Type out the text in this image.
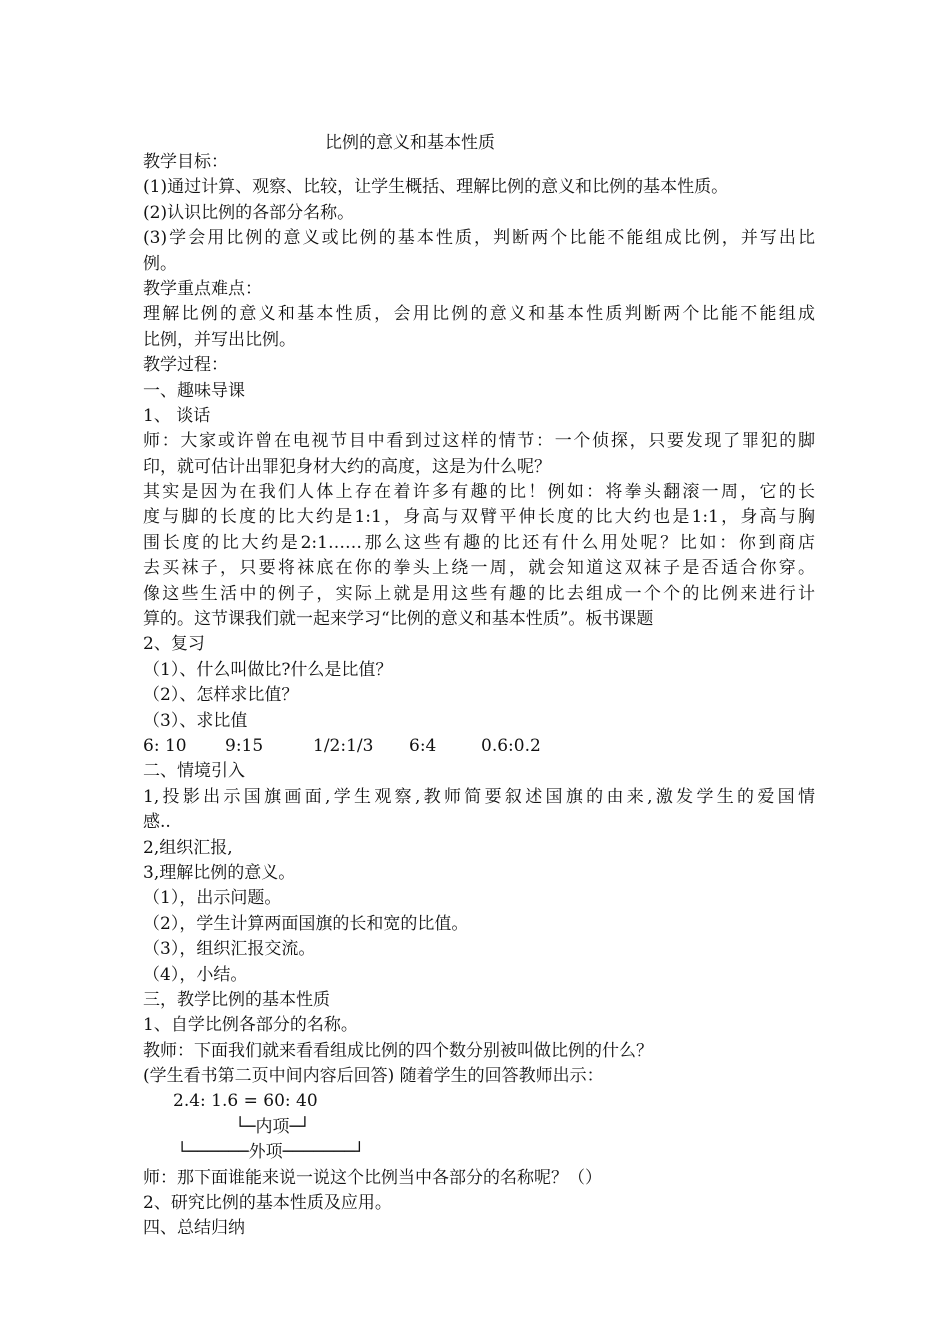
比例的意义和基本性质
教学目标：
(1)通过计算、观察、比较，让学生概括、理解比例的意义和比例的基本性质。
(2)认识比例的各部分名称。
(3)学会用比例的意义或比例的基本性质，判断两个比能不能组成比例，并写出比
例。
教学重点难点：
理解比例的意义和基本性质，会用比例的意义和基本性质判断两个比能不能组成
比例，并写出比例。
教学过程：
一、趣味导课
1、 谈话
师：大家或许曾在电视节目中看到过这样的情节：一个侦探，只要发现了罪犯的脚
印，就可估计出罪犯身材大约的高度，这是为什么呢？
其实是因为在我们人体上存在着许多有趣的比！例如：将拳头翻滚一周，它的长
度与脚的长度的比大约是1:1，身高与双臂平伸长度的比大约也是1:1，身高与胸
围长度的比大约是2:1……那么这些有趣的比还有什么用处呢？比如：你到商店
去买袜子，只要将袜底在你的拳头上绕一周，就会知道这双袜子是否适合你穿。
像这些生活中的例子，实际上就是用这些有趣的比去组成一个个的比例来进行计
算的。这节课我们就一起来学习“比例的意义和基本性质”。板书课题
2、复习
（1）、什么叫做比?什么是比值？
（2）、怎样求比值？
（3）、求比值
6: 10	9:15	1/2:1/3	6:4	0.6:0.2
二、情境引入
1,投影出示国旗画面,学生观察,教师简要叙述国旗的由来,激发学生的爱国情
感..
2,组织汇报,
3,理解比例的意义。
（1），出示问题。
（2），学生计算两面国旗的长和宽的比值。
（3），组织汇报交流。
（4），小结。
三，教学比例的基本性质
1、自学比例各部分的名称。
教师：下面我们就来看看组成比例的四个数分别被叫做比例的什么？
(学生看书第二页中间内容后回答) 随着学生的回答教师出示：
2.4: 1.6 = 60: 40
└─内项─┘
└──────外项───────┘
师：那下面谁能来说一说这个比例当中各部分的名称呢？（）
2、研究比例的基本性质及应用。
四、总结归纳
